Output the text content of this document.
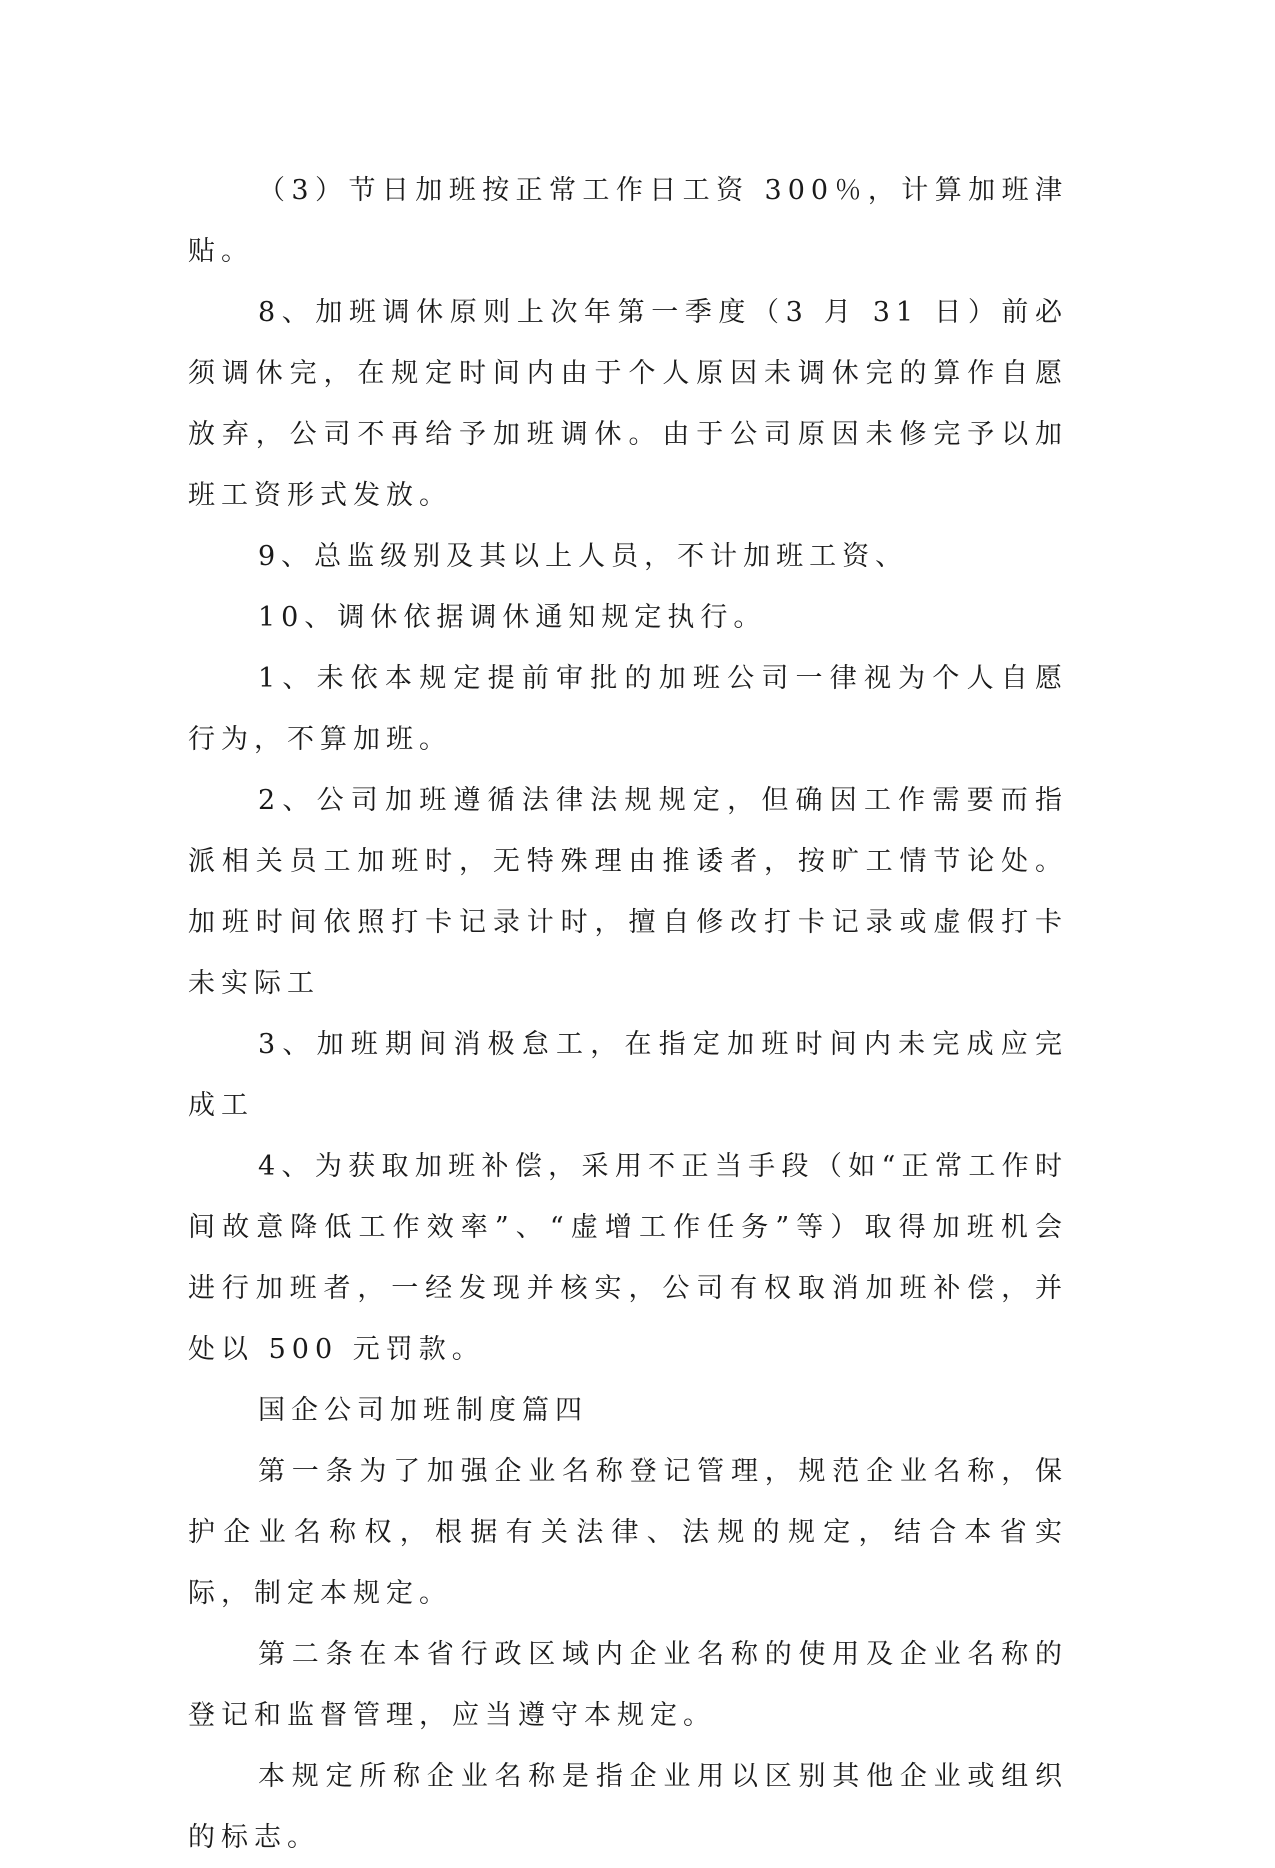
（3）节日加班按正常工作日工资 300％，计算加班津贴。

8、加班调休原则上次年第一季度（3 月 31 日）前必须调休完，在规定时间内由于个人原因未调休完的算作自愿放弃，公司不再给予加班调休。由于公司原因未修完予以加班工资形式发放。

9、总监级别及其以上人员，不计加班工资、

10、调休依据调休通知规定执行。

1、未依本规定提前审批的加班公司一律视为个人自愿行为，不算加班。

2、公司加班遵循法律法规规定，但确因工作需要而指派相关员工加班时，无特殊理由推诿者，按旷工情节论处。加班时间依照打卡记录计时，擅自修改打卡记录或虚假打卡未实际工

3、加班期间消极怠工，在指定加班时间内未完成应完成工

4、为获取加班补偿，采用不正当手段（如“正常工作时间故意降低工作效率”、“虚增工作任务”等）取得加班机会进行加班者，一经发现并核实，公司有权取消加班补偿，并处以 500 元罚款。

国企公司加班制度篇四

第一条为了加强企业名称登记管理，规范企业名称，保护企业名称权，根据有关法律、法规的规定，结合本省实际，制定本规定。

第二条在本省行政区域内企业名称的使用及企业名称的登记和监督管理，应当遵守本规定。

本规定所称企业名称是指企业用以区别其他企业或组织的标志。
